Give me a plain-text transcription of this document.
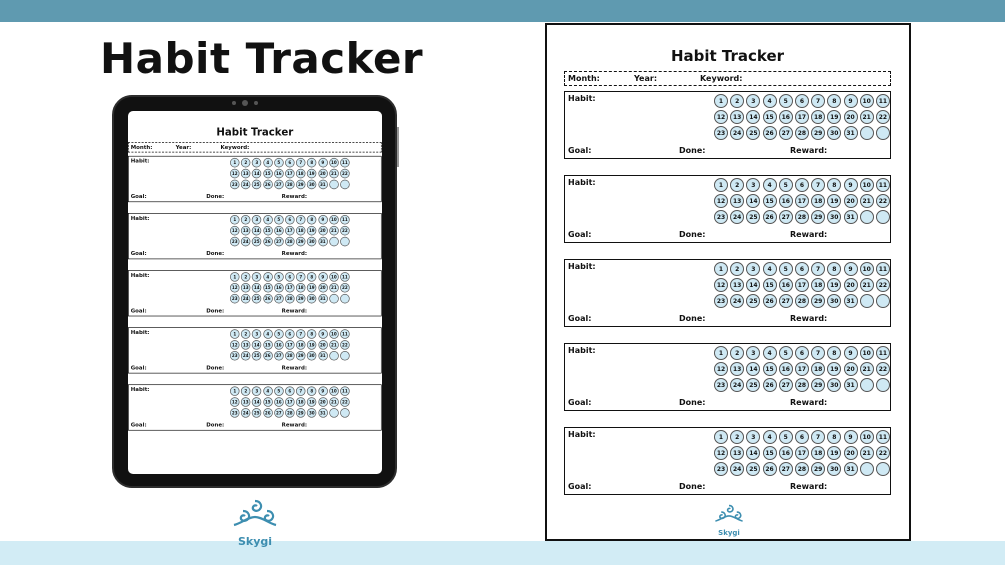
Habit Tracker
Habit Tracker
Month:	Year:	Keyword:
Habit:	1	2	3	4	5	6	7	8	9	10 11
12 13 14 15 16 17 18 19 20 21 22
23 24 25 26 27 28 29 30 31
Goal:	Done:	Reward:
Habit:	1	2	3	4	5	6	7	8	9	10 11
12 13 14 15 16 17 18 19 20 21 22
23 24 25 26 27 28 29 30 31
Goal:	Done:	Reward:
Habit:	1	2	3	4	5	6	7	8	9	10 11
12 13 14 15 16 17 18 19 20 21 22
23 24 25 26 27 28 29 30 31
Goal:	Done:	Reward:
Habit:	1	2	3	4	5	6	7	8	9	10 11
12 13 14 15 16 17 18 19 20 21 22
23 24 25 26 27 28 29 30 31
Goal:	Done:	Reward:
Habit:	1	2	3	4	5	6	7	8	9	10 11
12 13 14 15 16 17 18 19 20 21 22
23 24 25 26 27 28 29 30 31
Goal:	Done:	Reward:
Skygi
Habit Tracker
Month:	Year:	Keyword:
Habit:	1	2	3	4	5	6	7	8	9	10	11
12	13	14	15	16	17	18	19	20	21	22
23	24	25	26	27	28	29	30	31
Goal:	Done:	Reward:
Habit:	1	2	3	4	5	6	7	8	9	10	11
12	13	14	15	16	17	18	19	20	21	22
23	24	25	26	27	28	29	30	31
Goal:	Done:	Reward:
Habit:	1	2	3	4	5	6	7	8	9	10	11
12	13	14	15	16	17	18	19	20	21	22
23	24	25	26	27	28	29	30	31
Goal:	Done:	Reward:
Habit:	1	2	3	4	5	6	7	8	9	10	11
12	13	14	15	16	17	18	19	20	21	22
23	24	25	26	27	28	29	30	31
Goal:	Done:	Reward:
Habit:	1	2	3	4	5	6	7	8	9	10	11
12	13	14	15	16	17	18	19	20	21	22
23	24	25	26	27	28	29	30	31
Goal:	Done:	Reward:
Skygi
